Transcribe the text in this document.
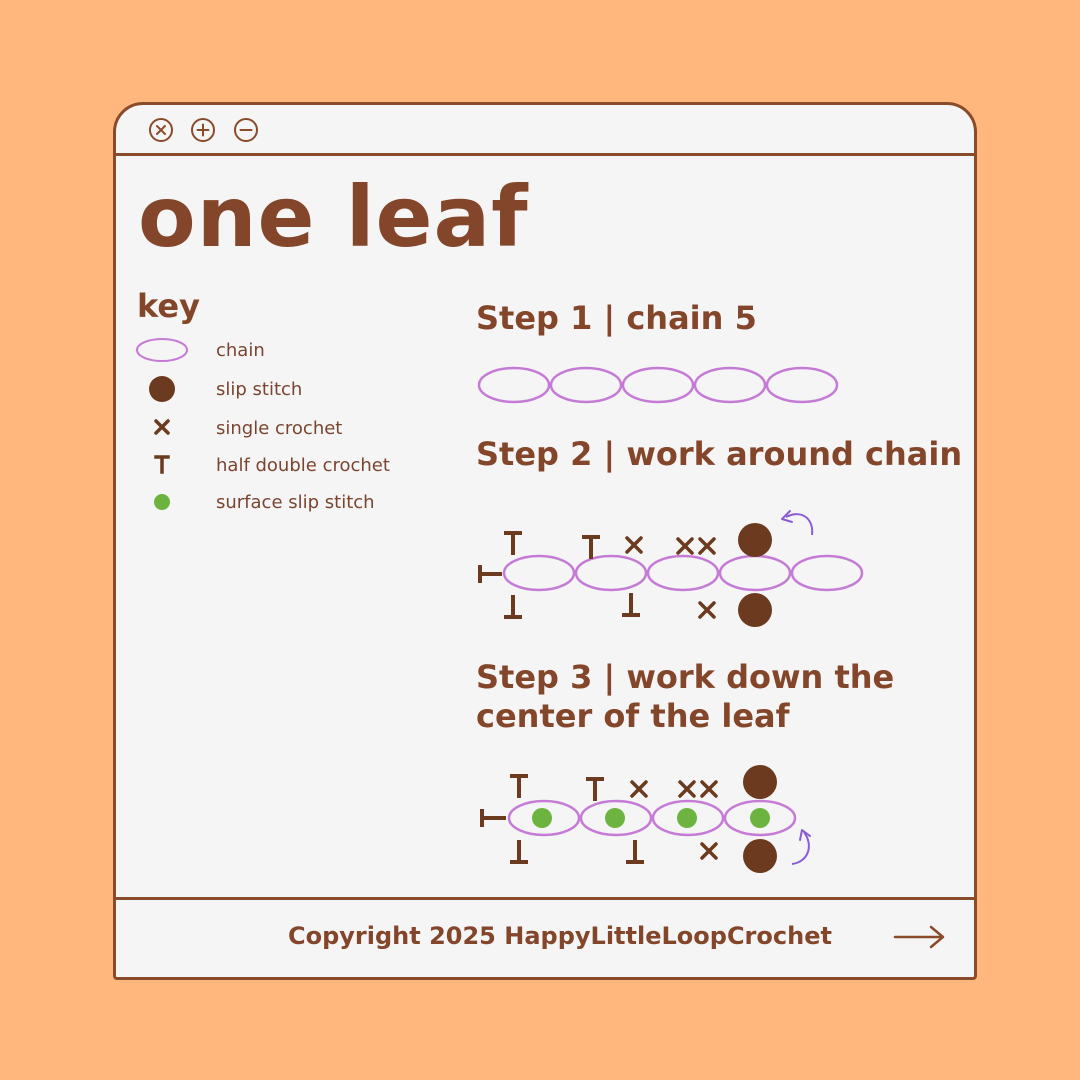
one leaf
key
chain
slip stitch
single crochet
half double crochet
surface slip stitch
Step 1 | chain 5
Step 2 | work around chain
Step 3 | work down the
center of the leaf
Copyright 2025 HappyLittleLoopCrochet
